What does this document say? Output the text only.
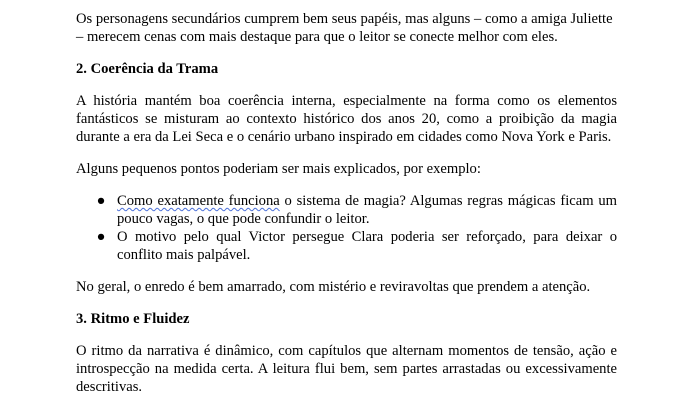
Os personagens secundários cumprem bem seus papéis, mas alguns – como a amiga Juliette – merecem cenas com mais destaque para que o leitor se conecte melhor com eles.

2. Coerência da Trama

A história mantém boa coerência interna, especialmente na forma como os elementos fantásticos se misturam ao contexto histórico dos anos 20, como a proibição da magia durante a era da Lei Seca e o cenário urbano inspirado em cidades como Nova York e Paris.

Alguns pequenos pontos poderiam ser mais explicados, por exemplo:

● Como exatamente funciona o sistema de magia? Algumas regras mágicas ficam um pouco vagas, o que pode confundir o leitor.
● O motivo pelo qual Victor persegue Clara poderia ser reforçado, para deixar o conflito mais palpável.

No geral, o enredo é bem amarrado, com mistério e reviravoltas que prendem a atenção.

3. Ritmo e Fluidez

O ritmo da narrativa é dinâmico, com capítulos que alternam momentos de tensão, ação e introspecção na medida certa. A leitura flui bem, sem partes arrastadas ou excessivamente descritivas.
